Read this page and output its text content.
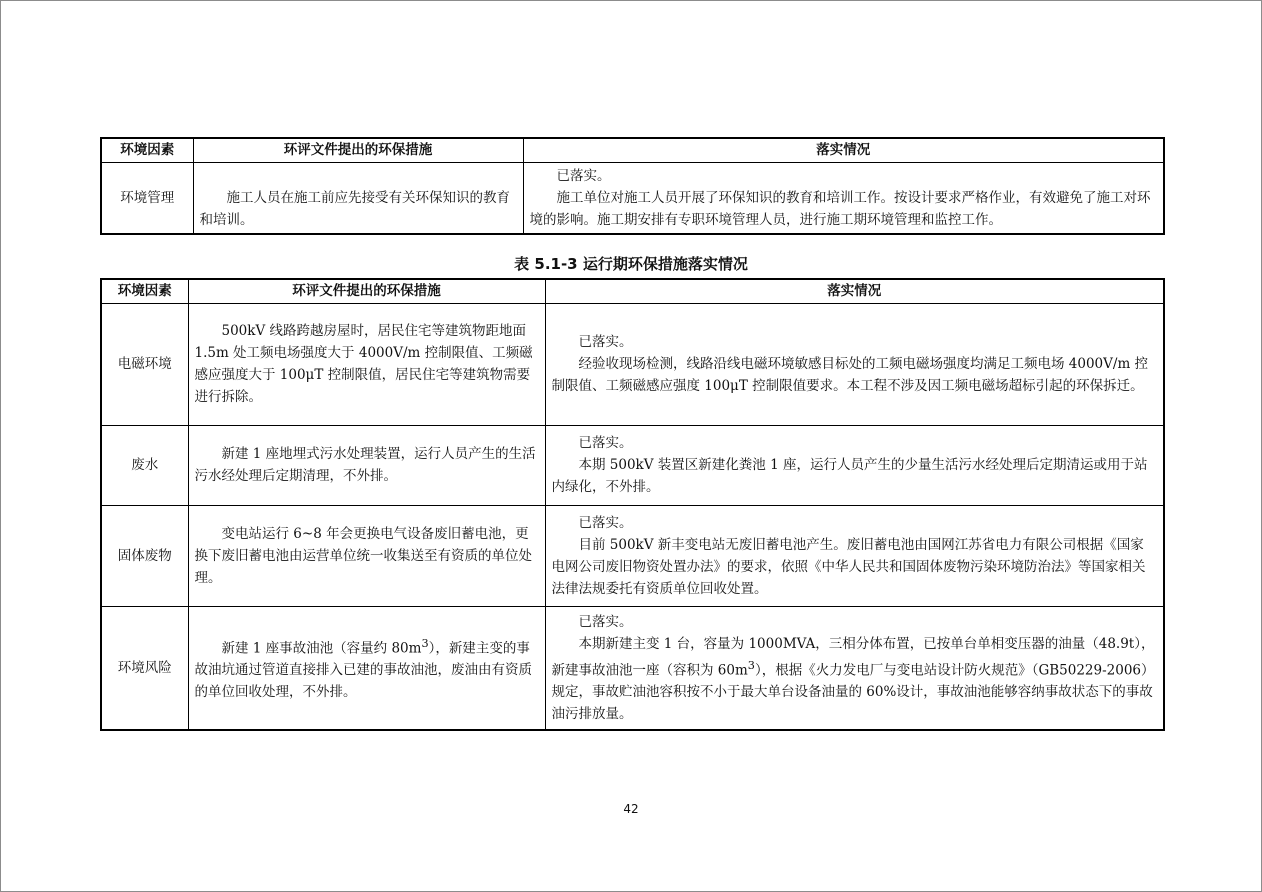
环境因素	环评文件提出的环保措施	落实情况
环境管理	施工人员在施工前应先接受有关环保知识的教育和培训。	已落实。
施工单位对施工人员开展了环保知识的教育和培训工作。按设计要求严格作业，有效避免了施工对环境的影响。施工期安排有专职环境管理人员，进行施工期环境管理和监控工作。
表 5.1-3 运行期环保措施落实情况
环境因素	环评文件提出的环保措施	落实情况
电磁环境	500kV 线路跨越房屋时，居民住宅等建筑物距地面 1.5m 处工频电场强度大于 4000V/m 控制限值、工频磁感应强度大于 100μT 控制限值，居民住宅等建筑物需要进行拆除。	已落实。
经验收现场检测，线路沿线电磁环境敏感目标处的工频电磁场强度均满足工频电场 4000V/m 控制限值、工频磁感应强度 100μT 控制限值要求。本工程不涉及因工频电磁场超标引起的环保拆迁。

废水	新建 1 座地埋式污水处理装置，运行人员产生的生活污水经处理后定期清理，不外排。	已落实。
本期 500kV 装置区新建化粪池 1 座，运行人员产生的少量生活污水经处理后定期清运或用于站内绿化，不外排。

固体废物	变电站运行 6~8 年会更换电气设备废旧蓄电池，更换下废旧蓄电池由运营单位统一收集送至有资质的单位处理。	已落实。
目前 500kV 新丰变电站无废旧蓄电池产生。废旧蓄电池由国网江苏省电力有限公司根据《国家电网公司废旧物资处置办法》的要求，依照《中华人民共和国固体废物污染环境防治法》等国家相关法律法规委托有资质单位回收处置。

环境风险	新建 1 座事故油池（容量约 $80m^3$），新建主变的事故油坑通过管道直接排入已建的事故油池，废油由有资质的单位回收处理，不外排。	已落实。
本期新建主变 1 台，容量为 1000MVA，三相分体布置，已按单台单相变压器的油量（48.9t），新建事故油池一座（容积为 $60m^3$），根据《火力发电厂与变电站设计防火规范》（GB50229-2006）规定，事故贮油池容积按不小于最大单台设备油量的 60%设计，事故油池能够容纳事故状态下的事故油污排放量。
42
